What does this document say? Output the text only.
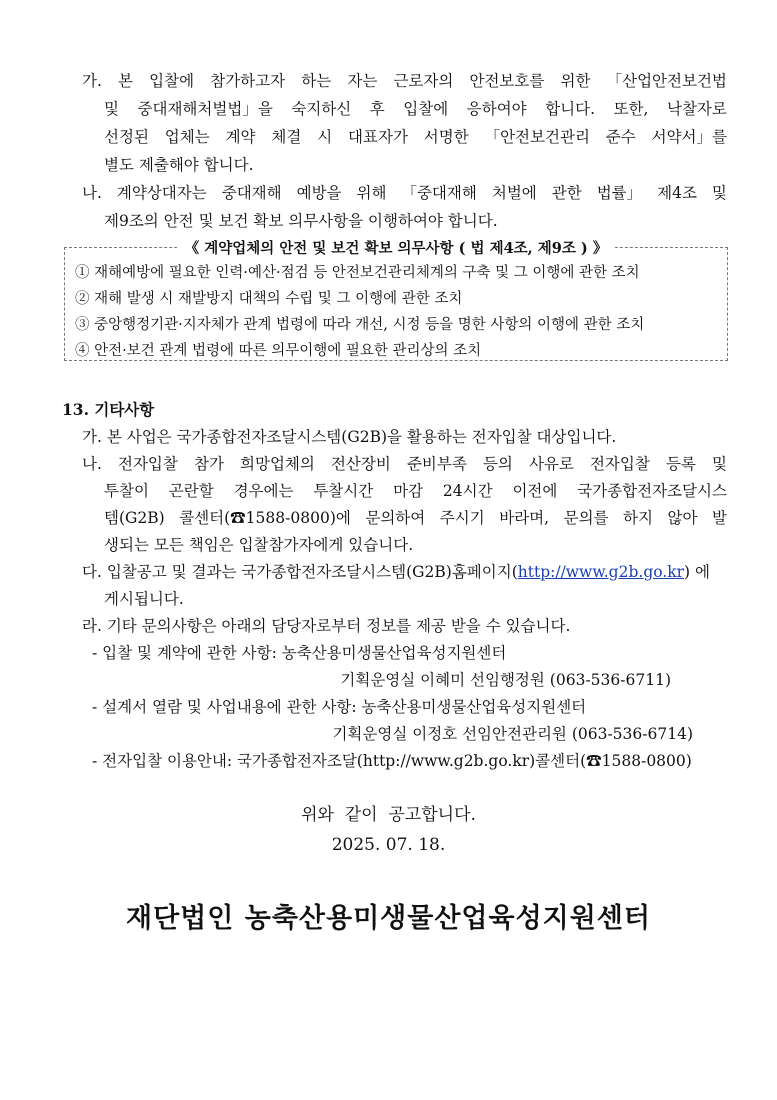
가. 본 입찰에 참가하고자 하는 자는 근로자의 안전보호를 위한 「산업안전보건법
및 중대재해처벌법」을 숙지하신 후 입찰에 응하여야 합니다. 또한, 낙찰자로
선정된 업체는 계약 체결 시 대표자가 서명한 「안전보건관리 준수 서약서」를
별도 제출해야 합니다.
나. 계약상대자는 중대재해 예방을 위해 「중대재해 처벌에 관한 법률」 제4조 및
제9조의 안전 및 보건 확보 의무사항을 이행하여야 합니다.
《 계약업체의 안전 및 보건 확보 의무사항 ( 법 제4조, 제9조 ) 》
① 재해예방에 필요한 인력·예산·점검 등 안전보건관리체계의 구축 및 그 이행에 관한 조치
② 재해 발생 시 재발방지 대책의 수립 및 그 이행에 관한 조치
③ 중앙행정기관·지자체가 관계 법령에 따라 개선, 시정 등을 명한 사항의 이행에 관한 조치
④ 안전·보건 관계 법령에 따른 의무이행에 필요한 관리상의 조치
13. 기타사항
가. 본 사업은 국가종합전자조달시스템(G2B)을 활용하는 전자입찰 대상입니다.
나. 전자입찰 참가 희망업체의 전산장비 준비부족 등의 사유로 전자입찰 등록 및
투찰이 곤란할 경우에는 투찰시간 마감 24시간 이전에 국가종합전자조달시스
템(G2B) 콜센터(☎1588-0800)에 문의하여 주시기 바라며, 문의를 하지 않아 발
생되는 모든 책임은 입찰참가자에게 있습니다.
다. 입찰공고 및 결과는 국가종합전자조달시스템(G2B)홈페이지(http://www.g2b.go.kr) 에
게시됩니다.
라. 기타 문의사항은 아래의 담당자로부터 정보를 제공 받을 수 있습니다.
- 입찰 및 계약에 관한 사항: 농축산용미생물산업육성지원센터
기획운영실 이혜미 선임행정원 (063-536-6711)
- 설계서 열람 및 사업내용에 관한 사항: 농축산용미생물산업육성지원센터
기획운영실 이정호 선임안전관리원 (063-536-6714)
- 전자입찰 이용안내: 국가종합전자조달(http://www.g2b.go.kr)콜센터(☎1588-0800)
위와  같이  공고합니다.
2025. 07. 18.
재단법인 농축산용미생물산업육성지원센터
